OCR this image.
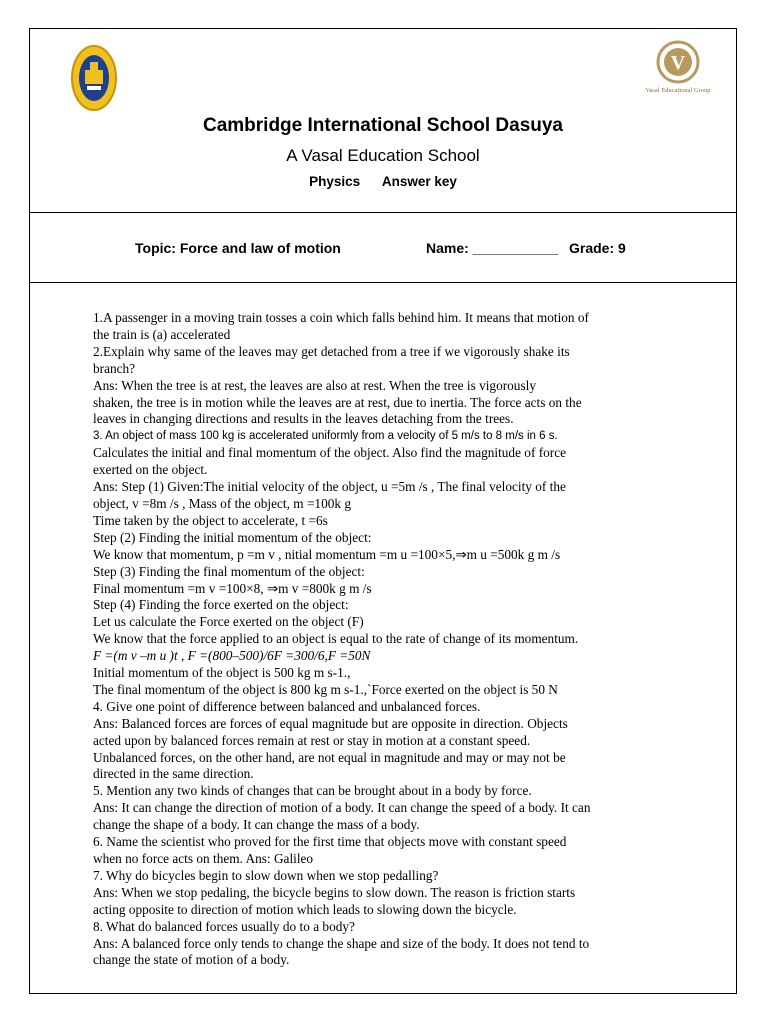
V
Vasal Educational Group
Cambridge International School Dasuya
A Vasal Education School
Physics Answer key
Topic: Force and law of motion	Name: ___________ Grade: 9

1.A passenger in a moving train tosses a coin which falls behind him. It means that motion of

the train is (a) accelerated

2.Explain why same of the leaves may get detached from a tree if we vigorously shake its

branch?

Ans: When the tree is at rest, the leaves are also at rest. When the tree is vigorously

shaken, the tree is in motion while the leaves are at rest, due to inertia. The force acts on the

leaves in changing directions and results in the leaves detaching from the trees.

3. An object of mass 100 kg is accelerated uniformly from a velocity of 5 m/s to 8 m/s in 6 s.

Calculates the initial and final momentum of the object. Also find the magnitude of force

exerted on the object.

Ans: Step (1) Given:The initial velocity of the object, u =5m /s , The final velocity of the

object, v =8m /s , Mass of the object, m =100k g

Time taken by the object to accelerate, t =6s

Step (2) Finding the initial momentum of the object:

We know that momentum, p =m v , nitial momentum =m u =100×5,⇒m u =500k g m /s

Step (3) Finding the final momentum of the object:

Final momentum =m v =100×8, ⇒m v =800k g m /s

Step (4) Finding the force exerted on the object:

Let us calculate the Force exerted on the object (F)

We know that the force applied to an object is equal to the rate of change of its momentum.

F =(m v –m u )t , F =(800–500)/6F =300/6,F =50N

Initial momentum of the object is 500 kg m s-1.,

The final momentum of the object is 800 kg m s-1.,`Force exerted on the object is 50 N

4. Give one point of difference between balanced and unbalanced forces.

Ans: Balanced forces are forces of equal magnitude but are opposite in direction. Objects

acted upon by balanced forces remain at rest or stay in motion at a constant speed.

Unbalanced forces, on the other hand, are not equal in magnitude and may or may not be

directed in the same direction.

5. Mention any two kinds of changes that can be brought about in a body by force.

Ans: It can change the direction of motion of a body. It can change the speed of a body. It can

change the shape of a body. It can change the mass of a body.

6. Name the scientist who proved for the first time that objects move with constant speed

when no force acts on them. Ans: Galileo

7. Why do bicycles begin to slow down when we stop pedalling?

Ans: When we stop pedaling, the bicycle begins to slow down. The reason is friction starts

acting opposite to direction of motion which leads to slowing down the bicycle.

8. What do balanced forces usually do to a body?

Ans: A balanced force only tends to change the shape and size of the body. It does not tend to

change the state of motion of a body.
